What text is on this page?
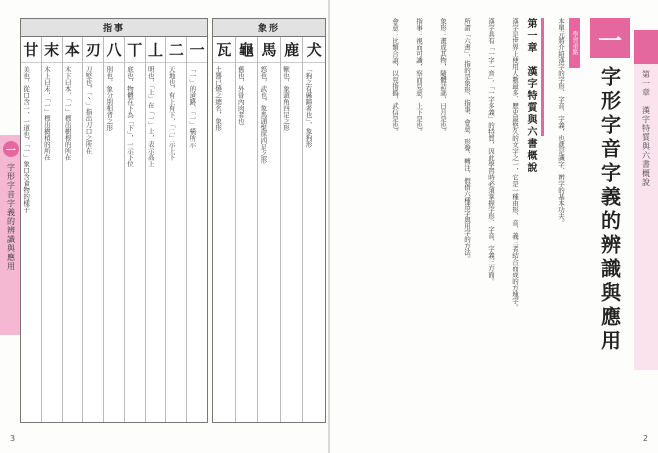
一
字形字音字義的辨識與應用
指事
一
「一」的道路、「一」橫所示
二
天地也，有上有下，「二」示上下
丄
明也，「上」在「一」上，表示高上
丅
底也，物體在下為「下」，一示下位
八
別也，象分別相背之形
刃
刀堅也，「丶」指出刀口之所在
本
木下曰本，「一」標出樹根的所在
末
木上曰末，「一」標出樹梢的所在
甘
美也，從口含一，一道也，「一」象口含食物的樣子
象形
犬
「狗之有縣蹄者也」，象狗形
鹿
獸也，象頭角四足之形
馬
怒也，武也，象馬頭髦尾四足之形
龜
舊也，外骨內肉者也
瓦
土器已燒之總名，象形
3
第一章　漢字特質與六書概說
一
字形字音字義的辨識與應用
學習重點
本單元將介紹漢字的字形、字音、字義，也就是識字、辨字的基本功夫。
第一章　漢字特質與六書概說
漢字是世界上使用人數最多、歷史最悠久的文字之一，它是一種由形、音、義三者結合而成的方塊字。
漢字具有「一字一音」、「一字多義」的特質，因此學習時必須掌握字形、字音、字義三方面。
所謂「六書」，指的是象形、指事、會意、形聲、轉注、假借六種造字與用字的方法。
象形：畫成其物，隨體詰詘，日月是也。
指事：視而可識，察而見意，上下是也。
會意：比類合誼，以見指撝，武信是也。
2
